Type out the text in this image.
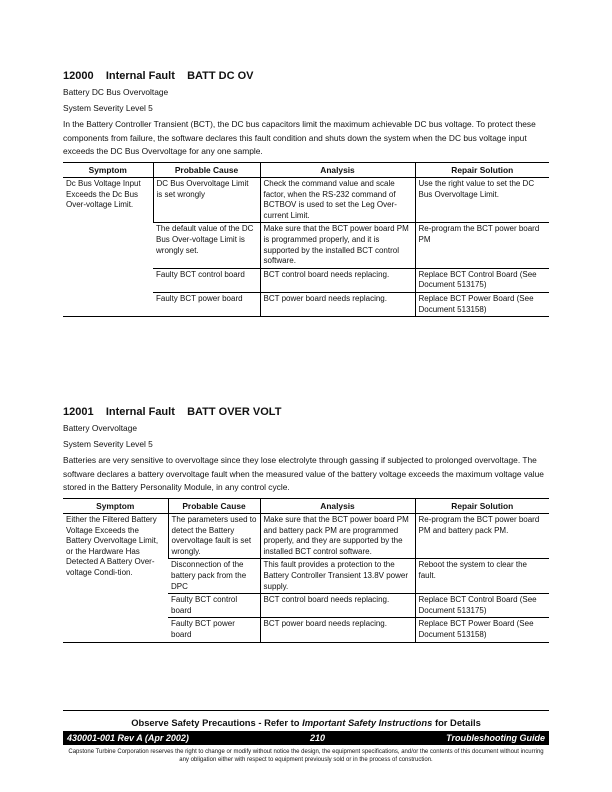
12000    Internal Fault    BATT DC OV
Battery DC Bus Overvoltage
System Severity Level 5
In the Battery Controller Transient (BCT), the DC bus capacitors limit the maximum achievable DC bus voltage. To protect these components from failure, the software declares this fault condition and shuts down the system when the DC bus voltage input exceeds the DC Bus Overvoltage for any one sample.
Symptom	Probable Cause	Analysis	Repair Solution
Dc Bus Voltage Input Exceeds the Dc Bus Over-voltage Limit.	DC Bus Overvoltage Limit is set wrongly	Check the command value and scale factor, when the RS-232 command of BCTBOV is used to set the Leg Over-current Limit.	Use the right value to set the DC Bus Overvoltage Limit.
	The default value of the DC Bus Over-voltage Limit is wrongly set.	Make sure that the BCT power board PM is programmed properly, and it is supported by the installed BCT control software.	Re-program the BCT power board PM
	Faulty BCT control board	BCT control board needs replacing.	Replace BCT Control Board (See Document 513175)
	Faulty BCT power board	BCT power board needs replacing.	Replace BCT Power Board (See Document 513158)
12001    Internal Fault    BATT OVER VOLT
Battery Overvoltage
System Severity Level 5
Batteries are very sensitive to overvoltage since they lose electrolyte through gassing if subjected to prolonged overvoltage. The software declares a battery overvoltage fault when the measured value of the battery voltage exceeds the maximum voltage value stored in the Battery Personality Module, in any control cycle.
Symptom	Probable Cause	Analysis	Repair Solution
Either the Filtered Battery Voltage Exceeds the Battery Overvoltage Limit, or the Hardware Has Detected A Battery Over-voltage Condi-tion.	The parameters used to detect the Battery overvoltage fault is set wrongly.	Make sure that the BCT power board PM and battery pack PM are programmed properly, and they are supported by the installed BCT control software.	Re-program the BCT power board PM and battery pack PM.
	Disconnection of the battery pack from the DPC	This fault provides a protection to the Battery Controller Transient 13.8V power supply.	Reboot the system to clear the fault.
	Faulty BCT control board	BCT control board needs replacing.	Replace BCT Control Board (See Document 513175)
	Faulty BCT power board	BCT power board needs replacing.	Replace BCT Power Board (See Document 513158)
Observe Safety Precautions - Refer to Important Safety Instructions for Details
430001-001 Rev A (Apr 2002)	210	Troubleshooting Guide
Capstone Turbine Corporation reserves the right to change or modify without notice the design, the equipment specifications, and/or the contents of this document without incurring any obligation either with respect to equipment previously sold or in the process of construction.
